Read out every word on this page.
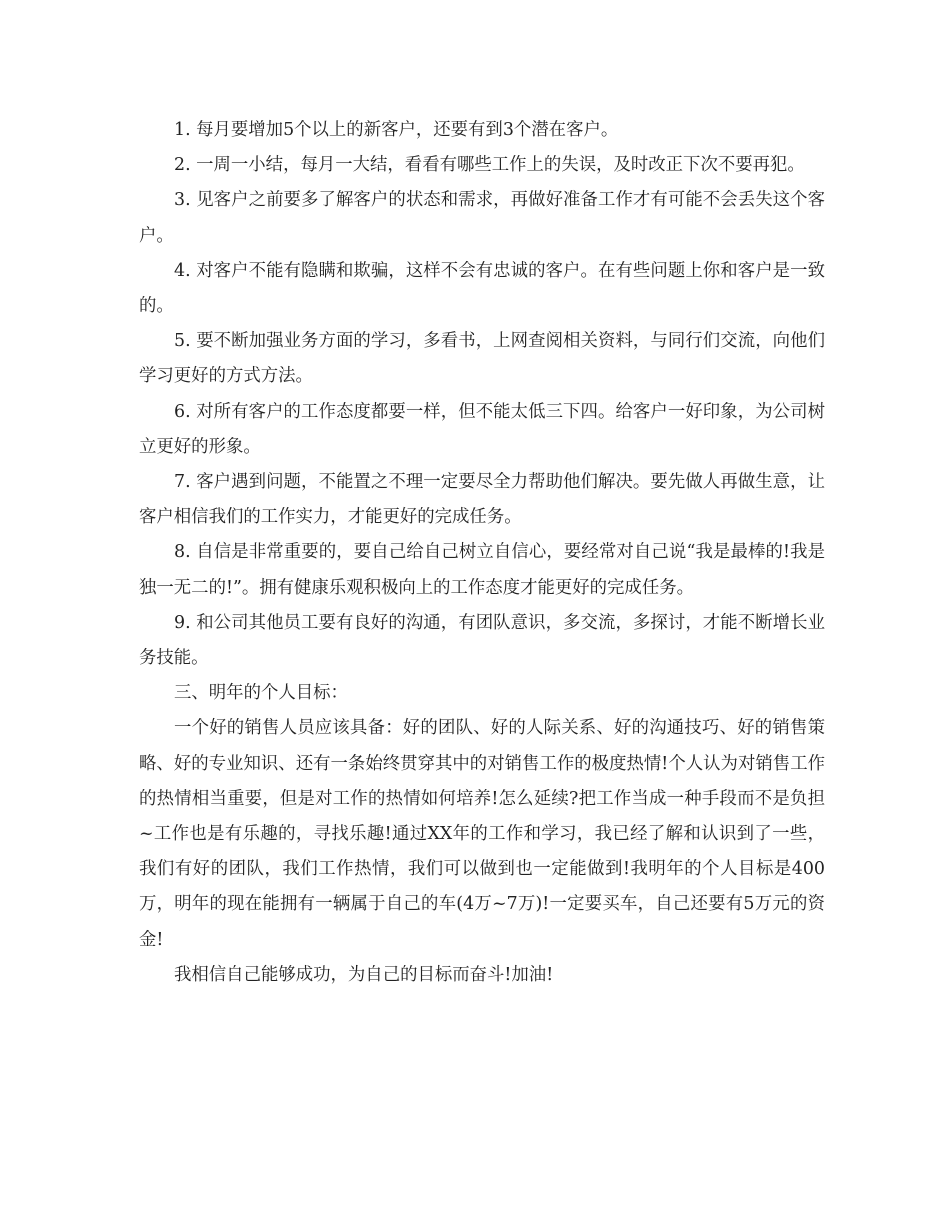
1. 每月要增加5个以上的新客户，还要有到3个潜在客户。

2. 一周一小结，每月一大结，看看有哪些工作上的失误，及时改正下次不要再犯。

3. 见客户之前要多了解客户的状态和需求，再做好准备工作才有可能不会丢失这个客户。

4. 对客户不能有隐瞒和欺骗，这样不会有忠诚的客户。在有些问题上你和客户是一致的。

5. 要不断加强业务方面的学习，多看书，上网查阅相关资料，与同行们交流，向他们学习更好的方式方法。

6. 对所有客户的工作态度都要一样，但不能太低三下四。给客户一好印象，为公司树立更好的形象。

7. 客户遇到问题，不能置之不理一定要尽全力帮助他们解决。要先做人再做生意，让客户相信我们的工作实力，才能更好的完成任务。

8. 自信是非常重要的，要自己给自己树立自信心，要经常对自己说“我是最棒的!我是独一无二的!”。拥有健康乐观积极向上的工作态度才能更好的完成任务。

9. 和公司其他员工要有良好的沟通，有团队意识，多交流，多探讨，才能不断增长业务技能。

三、明年的个人目标：

一个好的销售人员应该具备：好的团队、好的人际关系、好的沟通技巧、好的销售策略、好的专业知识、还有一条始终贯穿其中的对销售工作的极度热情!个人认为对销售工作的热情相当重要，但是对工作的热情如何培养!怎么延续?把工作当成一种手段而不是负担~工作也是有乐趣的，寻找乐趣!通过XX年的工作和学习，我已经了解和认识到了一些，我们有好的团队，我们工作热情，我们可以做到也一定能做到!我明年的个人目标是400万，明年的现在能拥有一辆属于自己的车(4万~7万)!一定要买车，自己还要有5万元的资金!

我相信自己能够成功，为自己的目标而奋斗!加油!
